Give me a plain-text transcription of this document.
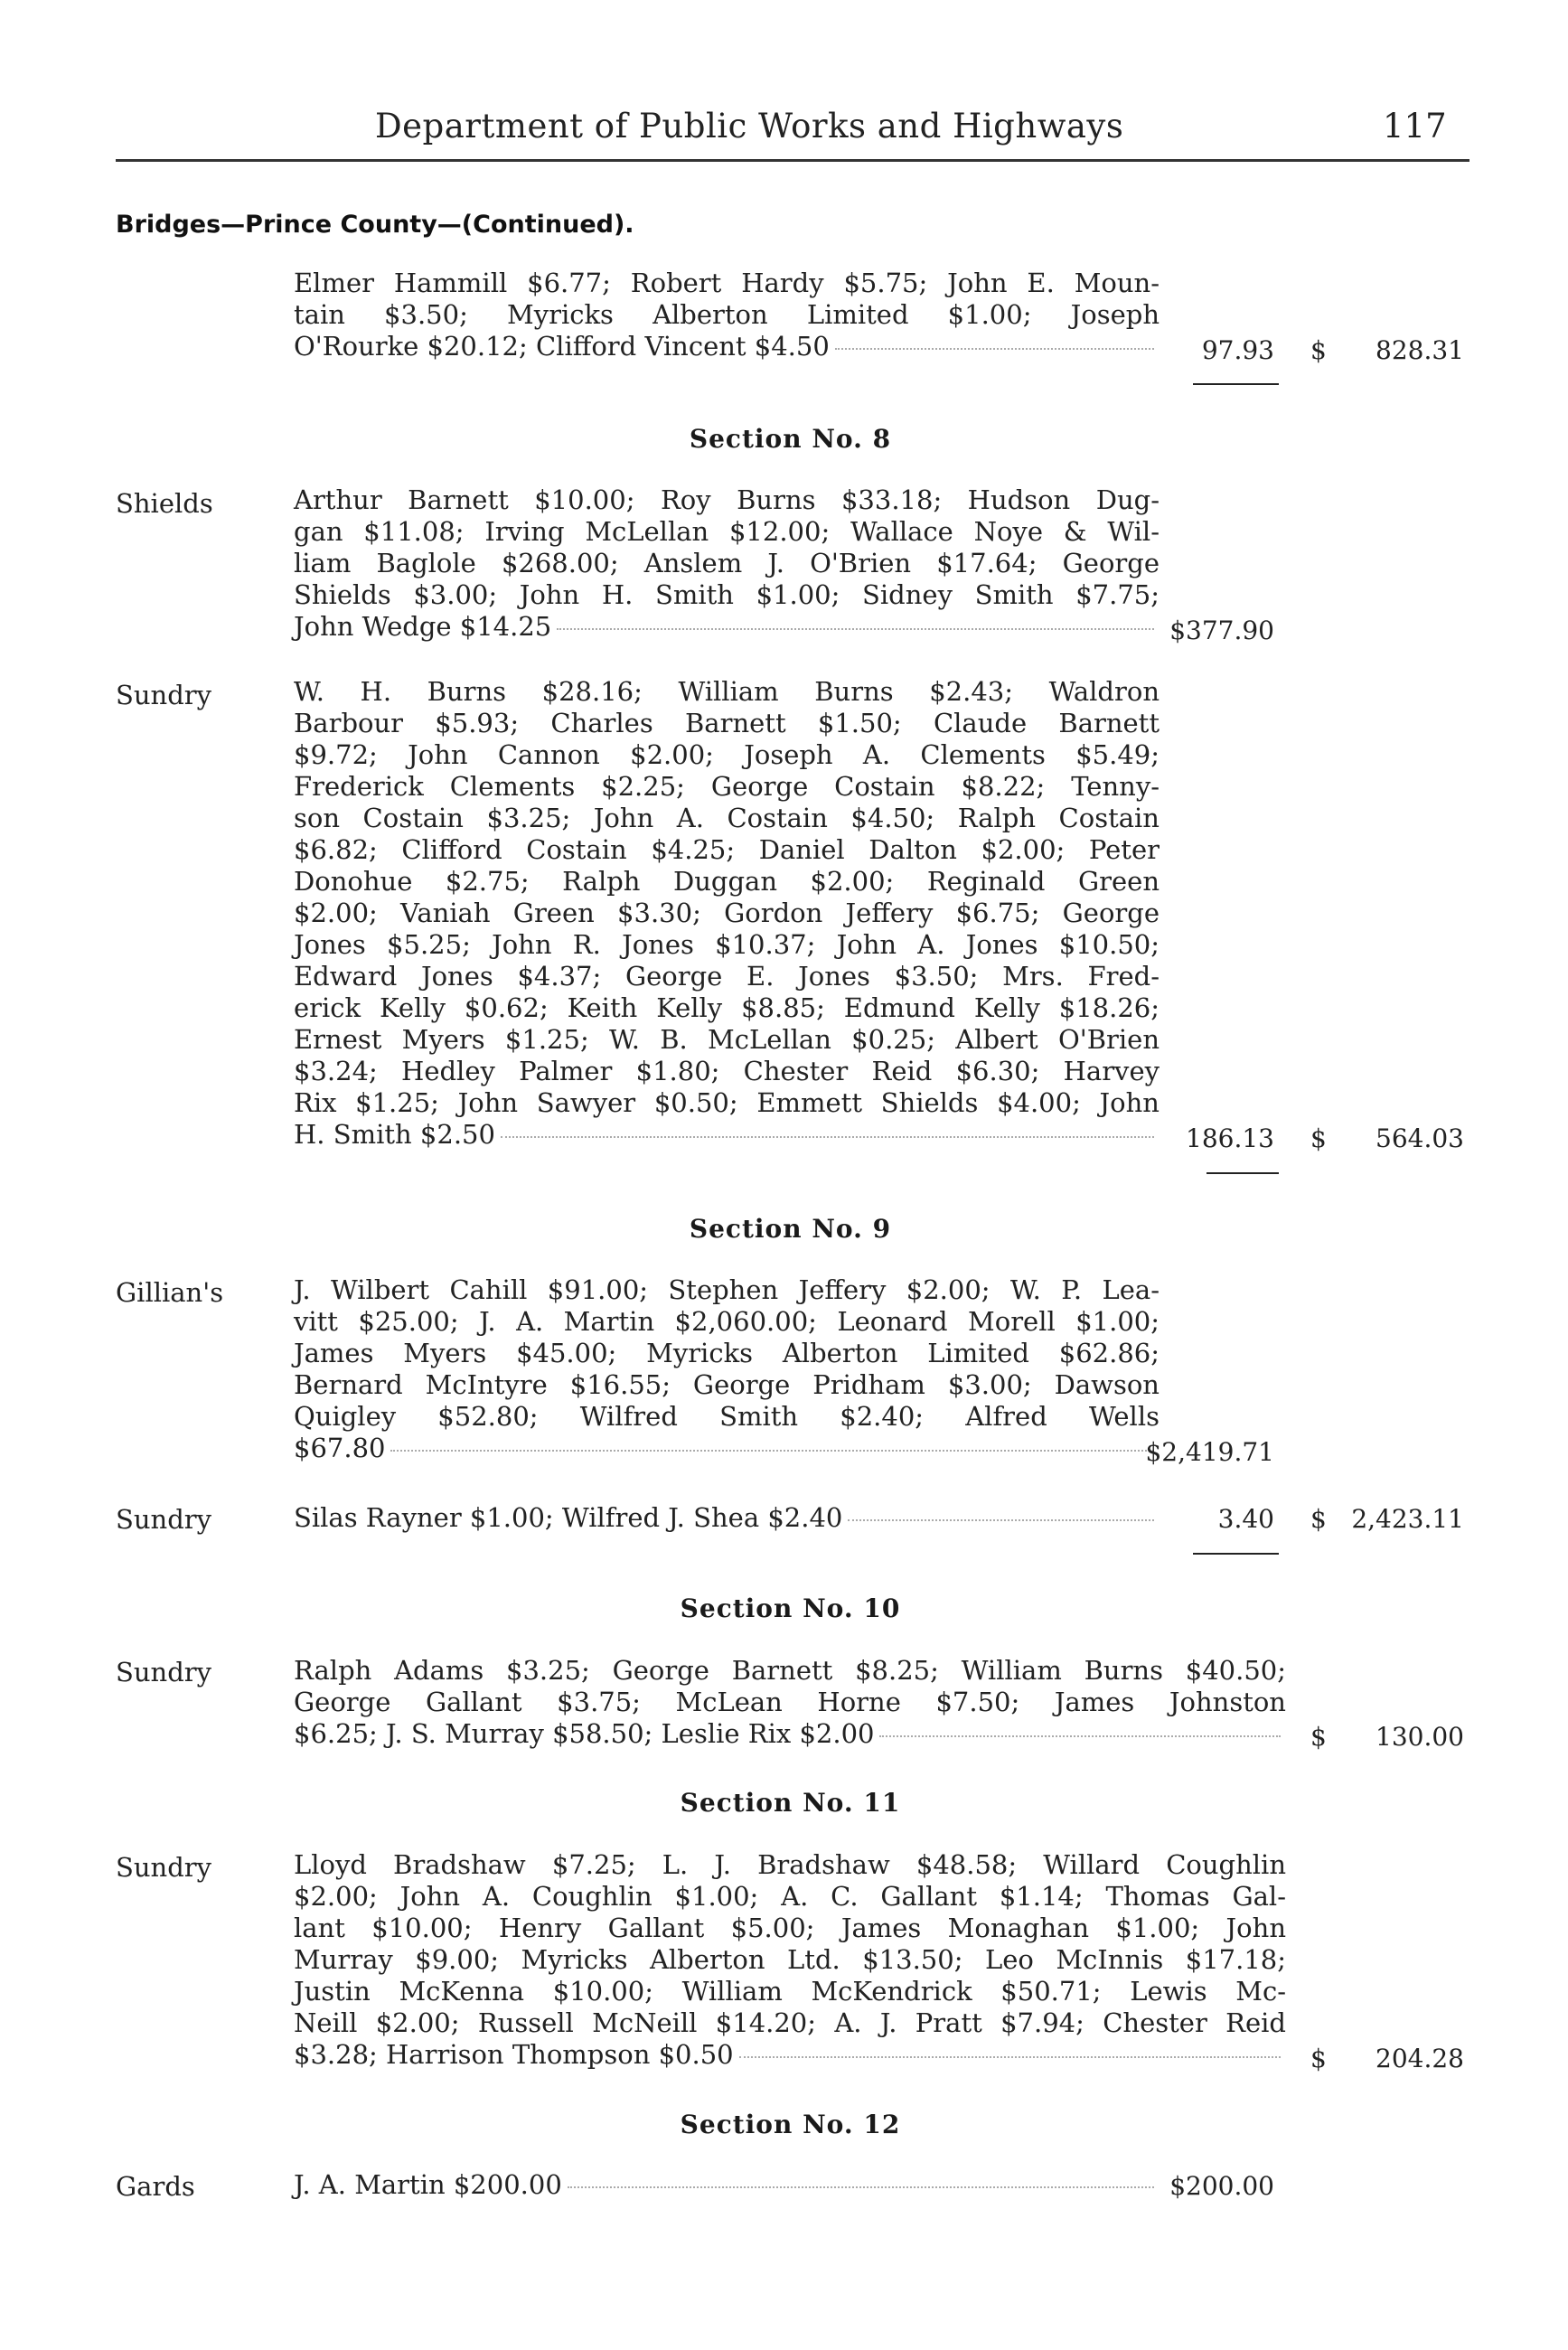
Department of Public Works and Highways	117
Bridges—Prince County—(Continued).
Elmer Hammill $6.77; Robert Hardy $5.75; John E. Moun-
tain $3.50; Myricks Alberton Limited $1.00; Joseph
O'Rourke $20.12; Clifford Vincent $4.50	97.93 $	828.31
Section No. 8
Shields	Arthur Barnett $10.00; Roy Burns $33.18; Hudson Dug-
gan $11.08; Irving McLellan $12.00; Wallace Noye & Wil-
liam Baglole $268.00; Anslem J. O'Brien $17.64; George
Shields $3.00; John H. Smith $1.00; Sidney Smith $7.75;
John Wedge $14.25	$377.90
Sundry	W. H. Burns $28.16; William Burns $2.43; Waldron
Barbour $5.93; Charles Barnett $1.50; Claude Barnett
$9.72; John Cannon $2.00; Joseph A. Clements $5.49;
Frederick Clements $2.25; George Costain $8.22; Tenny-
son Costain $3.25; John A. Costain $4.50; Ralph Costain
$6.82; Clifford Costain $4.25; Daniel Dalton $2.00; Peter
Donohue $2.75; Ralph Duggan $2.00; Reginald Green
$2.00; Vaniah Green $3.30; Gordon Jeffery $6.75; George
Jones $5.25; John R. Jones $10.37; John A. Jones $10.50;
Edward Jones $4.37; George E. Jones $3.50; Mrs. Fred-
erick Kelly $0.62; Keith Kelly $8.85; Edmund Kelly $18.26;
Ernest Myers $1.25; W. B. McLellan $0.25; Albert O'Brien
$3.24; Hedley Palmer $1.80; Chester Reid $6.30; Harvey
Rix $1.25; John Sawyer $0.50; Emmett Shields $4.00; John
H. Smith $2.50	186.13 $	564.03
Section No. 9
Gillian's	J. Wilbert Cahill $91.00; Stephen Jeffery $2.00; W. P. Lea-
vitt $25.00; J. A. Martin $2,060.00; Leonard Morell $1.00;
James Myers $45.00; Myricks Alberton Limited $62.86;
Bernard McIntyre $16.55; George Pridham $3.00; Dawson
Quigley $52.80; Wilfred Smith $2.40; Alfred Wells
$67.80	$2,419.71
Sundry	Silas Rayner $1.00; Wilfred J. Shea $2.40	3.40 $ 2,423.11
Section No. 10
Sundry	Ralph Adams $3.25; George Barnett $8.25; William Burns $40.50;
George Gallant $3.75; McLean Horne $7.50; James Johnston
$6.25; J. S. Murray $58.50; Leslie Rix $2.00	$	130.00
Section No. 11
Sundry	Lloyd Bradshaw $7.25; L. J. Bradshaw $48.58; Willard Coughlin
$2.00; John A. Coughlin $1.00; A. C. Gallant $1.14; Thomas Gal-
lant $10.00; Henry Gallant $5.00; James Monaghan $1.00; John
Murray $9.00; Myricks Alberton Ltd. $13.50; Leo McInnis $17.18;
Justin McKenna $10.00; William McKendrick $50.71; Lewis Mc-
Neill $2.00; Russell McNeill $14.20; A. J. Pratt $7.94; Chester Reid
$3.28; Harrison Thompson $0.50	$	204.28
Section No. 12
Gards	J. A. Martin $200.00	$200.00
